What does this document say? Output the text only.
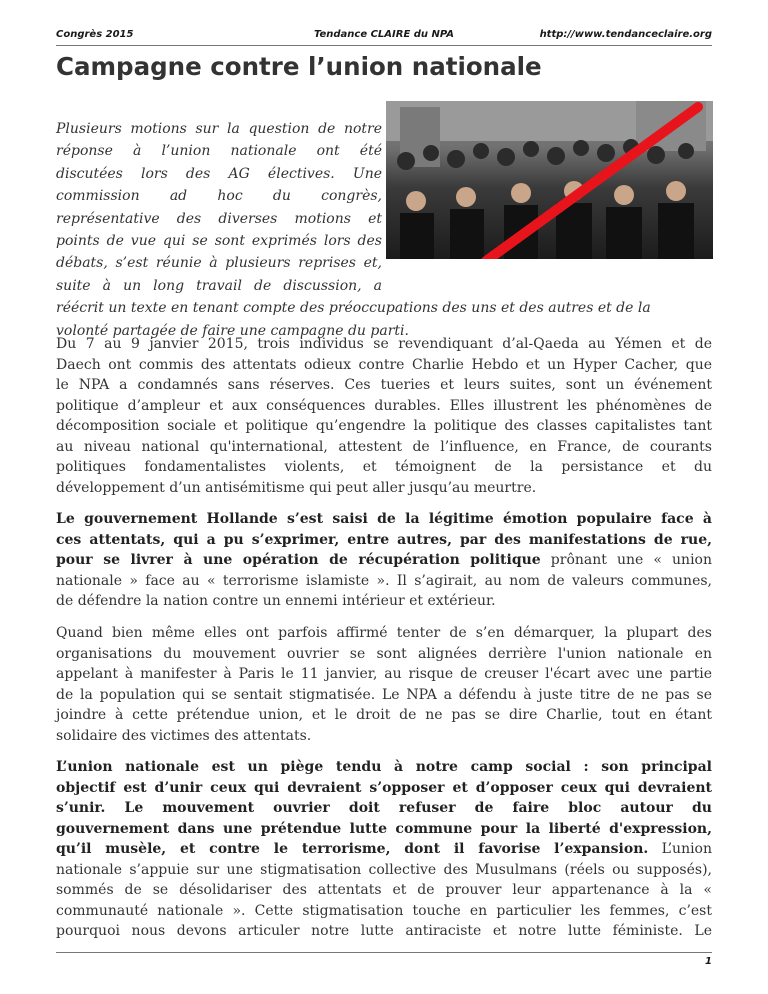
Congrès 2015	Tendance CLAIRE du NPA	http://www.tendanceclaire.org
Campagne contre l’union nationale
Plusieurs motions sur la question de notre
réponse à l’union nationale ont été
discutées lors des AG électives. Une
commission ad hoc du congrès,
représentative des diverses motions et
points de vue qui se sont exprimés lors des
débats, s’est réunie à plusieurs reprises et,
suite à un long travail de discussion, a
réécrit un texte en tenant compte des préoccupations des uns et des autres et de la
volonté partagée de faire une campagne du parti.

Du 7 au 9 janvier 2015, trois individus se revendiquant d’al-Qaeda au Yémen et de
Daech ont commis des attentats odieux contre Charlie Hebdo et un Hyper Cacher, que
le NPA a condamnés sans réserves. Ces tueries et leurs suites, sont un événement
politique d’ampleur et aux conséquences durables. Elles illustrent les phénomènes de
décomposition sociale et politique qu’engendre la politique des classes capitalistes tant
au niveau national qu'international, attestent de l’influence, en France, de courants
politiques fondamentalistes violents, et témoignent de la persistance et du
développement d’un antisémitisme qui peut aller jusqu’au meurtre.

Le gouvernement Hollande s’est saisi de la légitime émotion populaire face à
ces attentats, qui a pu s’exprimer, entre autres, par des manifestations de rue,
pour se livrer à une opération de récupération politique prônant une « union
nationale » face au « terrorisme islamiste ». Il s’agirait, au nom de valeurs communes,
de défendre la nation contre un ennemi intérieur et extérieur.

Quand bien même elles ont parfois affirmé tenter de s’en démarquer, la plupart des
organisations du mouvement ouvrier se sont alignées derrière l'union nationale en
appelant à manifester à Paris le 11 janvier, au risque de creuser l'écart avec une partie
de la population qui se sentait stigmatisée. Le NPA a défendu à juste titre de ne pas se
joindre à cette prétendue union, et le droit de ne pas se dire Charlie, tout en étant
solidaire des victimes des attentats.

L’union nationale est un piège tendu à notre camp social : son principal
objectif est d’unir ceux qui devraient s’opposer et d’opposer ceux qui devraient
s’unir. Le mouvement ouvrier doit refuser de faire bloc autour du
gouvernement dans une prétendue lutte commune pour la liberté d'expression,
qu’il musèle, et contre le terrorisme, dont il favorise l’expansion. L’union
nationale s’appuie sur une stigmatisation collective des Musulmans (réels ou supposés),
sommés de se désolidariser des attentats et de prouver leur appartenance à la «
communauté nationale ». Cette stigmatisation touche en particulier les femmes, c’est
pourquoi nous devons articuler notre lutte antiraciste et notre lutte féministe. Le

1
